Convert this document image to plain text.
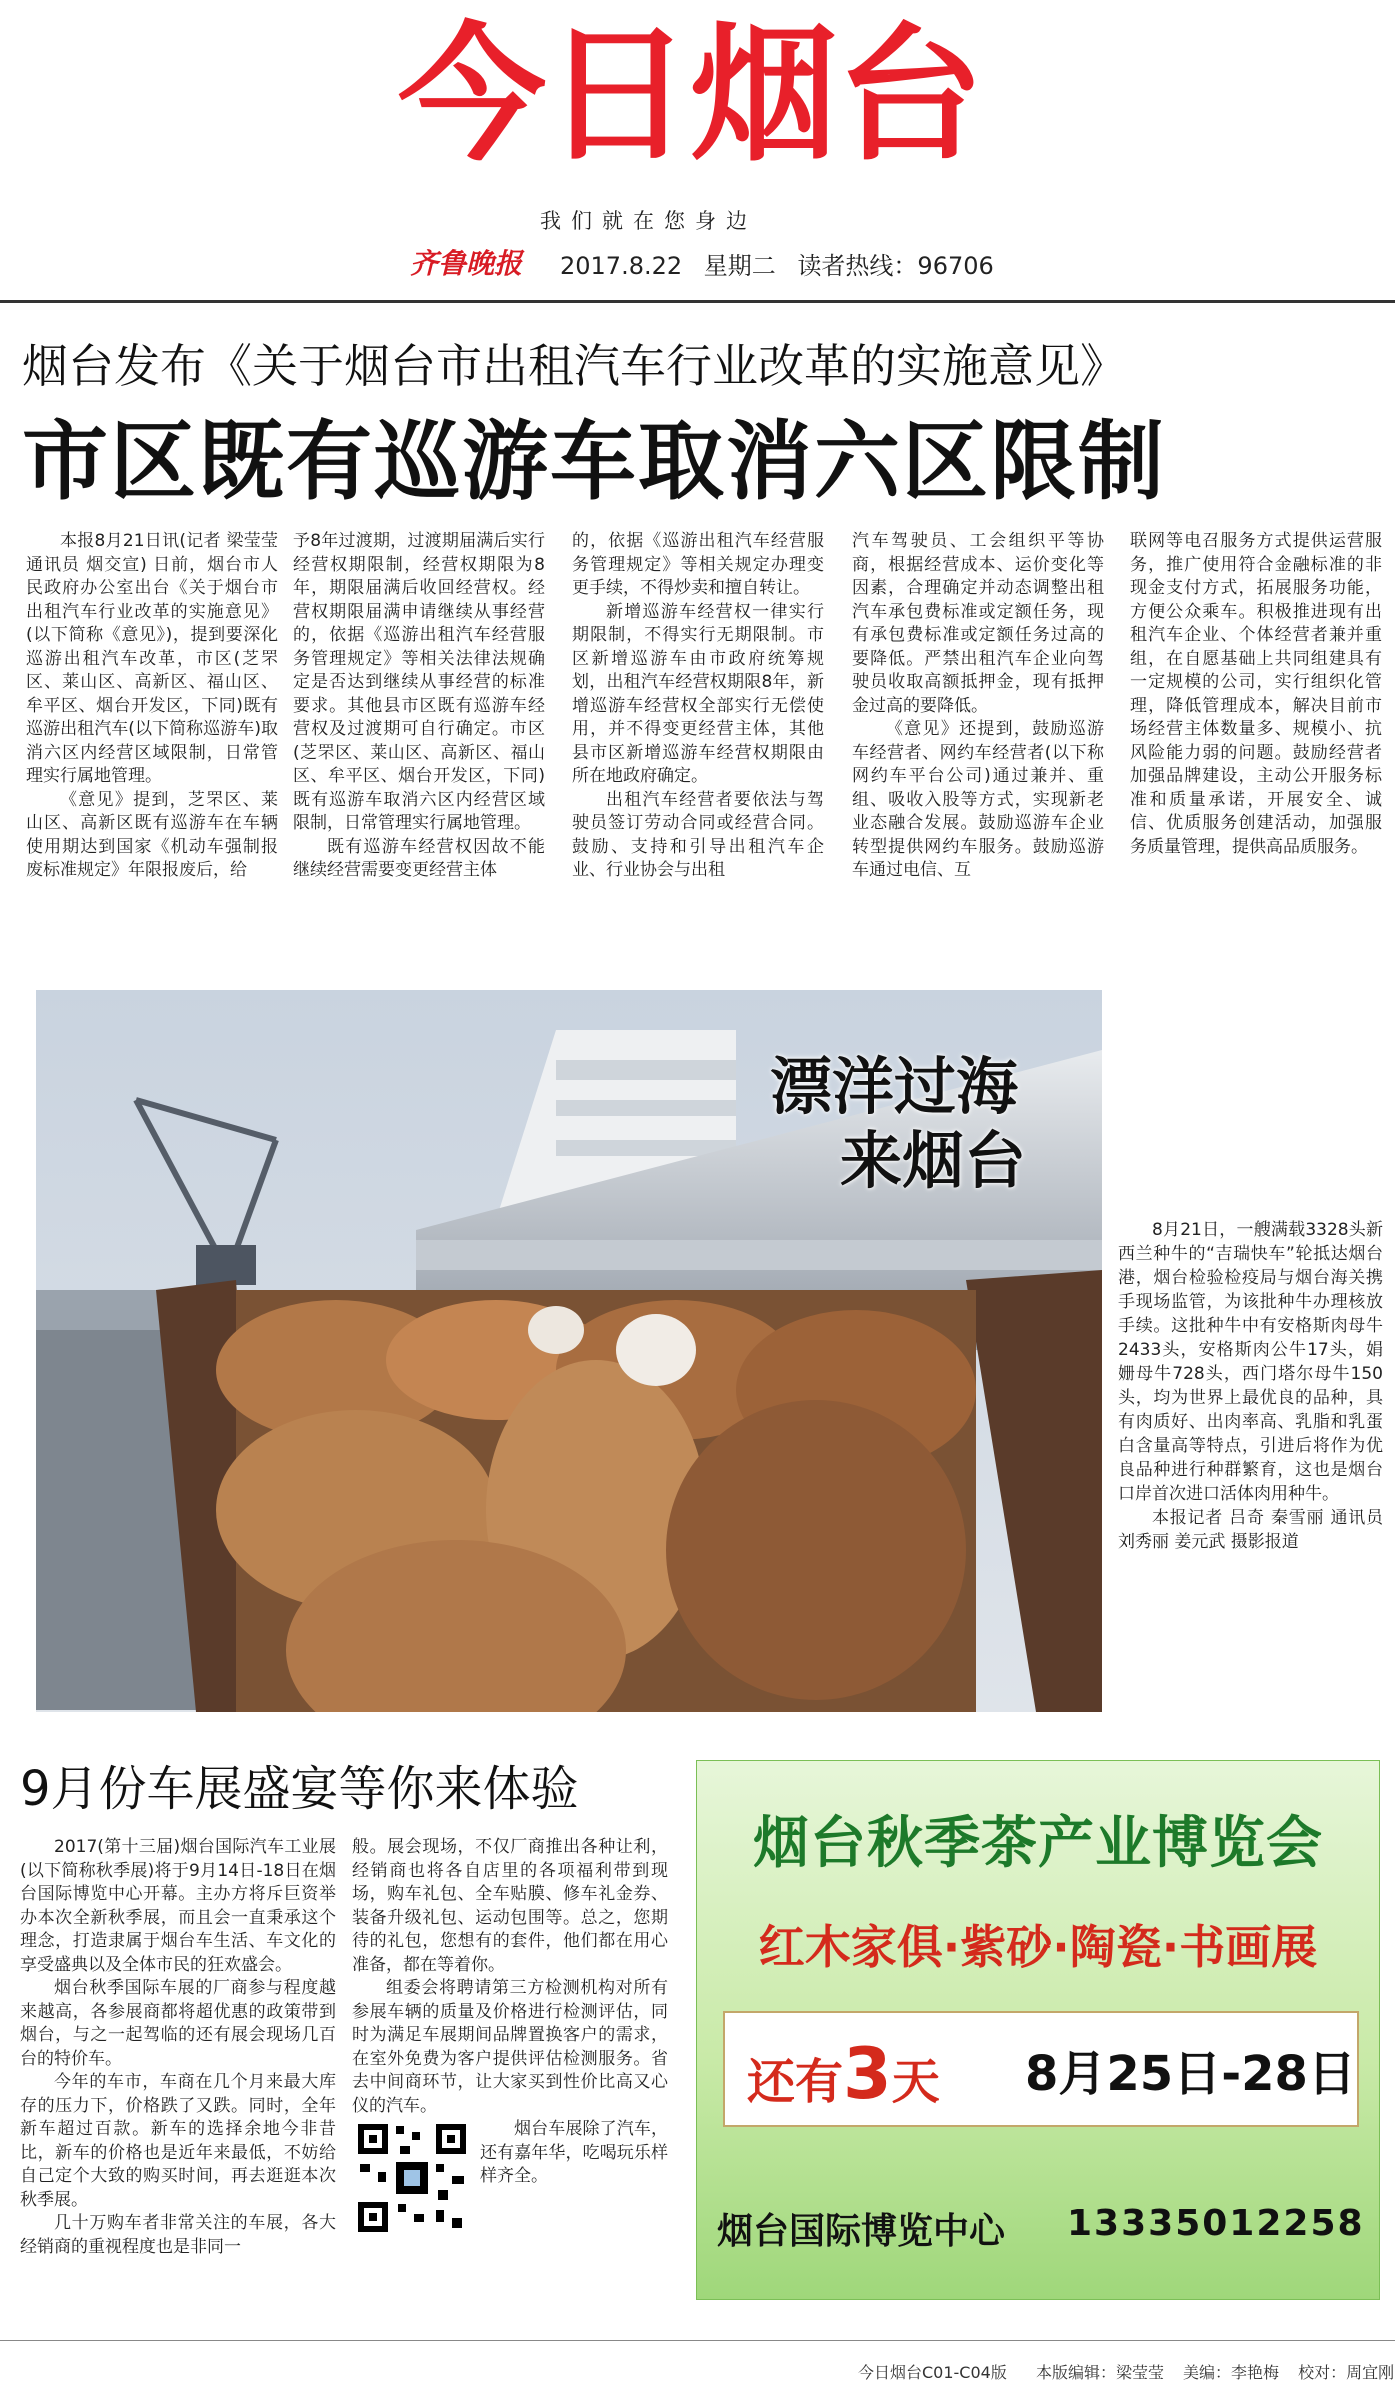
今日烟台
我们就在您身边
齐鲁晚报 2017.8.22 星期二 读者热线：96706
烟台发布《关于烟台市出租汽车行业改革的实施意见》
市区既有巡游车取消六区限制

本报8月21日讯(记者 梁莹莹 通讯员 烟交宣) 日前，烟台市人民政府办公室出台《关于烟台市出租汽车行业改革的实施意见》(以下简称《意见》)，提到要深化巡游出租汽车改革，市区(芝罘区、莱山区、高新区、福山区、牟平区、烟台开发区，下同)既有巡游出租汽车(以下简称巡游车)取消六区内经营区域限制，日常管理实行属地管理。

《意见》提到，芝罘区、莱山区、高新区既有巡游车在车辆使用期达到国家《机动车强制报废标准规定》年限报废后，给

予8年过渡期，过渡期届满后实行经营权期限制，经营权期限为8年，期限届满后收回经营权。经营权期限届满申请继续从事经营的，依据《巡游出租汽车经营服务管理规定》等相关法律法规确定是否达到继续从事经营的标准要求。其他县市区既有巡游车经营权及过渡期可自行确定。市区(芝罘区、莱山区、高新区、福山区、牟平区、烟台开发区，下同)既有巡游车取消六区内经营区域限制，日常管理实行属地管理。

既有巡游车经营权因故不能继续经营需要变更经营主体

的，依据《巡游出租汽车经营服务管理规定》等相关规定办理变更手续，不得炒卖和擅自转让。

新增巡游车经营权一律实行期限制，不得实行无期限制。市区新增巡游车由市政府统筹规划，出租汽车经营权期限8年，新增巡游车经营权全部实行无偿使用，并不得变更经营主体，其他县市区新增巡游车经营权期限由所在地政府确定。

出租汽车经营者要依法与驾驶员签订劳动合同或经营合同。鼓励、支持和引导出租汽车企业、行业协会与出租

汽车驾驶员、工会组织平等协商，根据经营成本、运价变化等因素，合理确定并动态调整出租汽车承包费标准或定额任务，现有承包费标准或定额任务过高的要降低。严禁出租汽车企业向驾驶员收取高额抵押金，现有抵押金过高的要降低。

《意见》还提到，鼓励巡游车经营者、网约车经营者(以下称网约车平台公司)通过兼并、重组、吸收入股等方式，实现新老业态融合发展。鼓励巡游车企业转型提供网约车服务。鼓励巡游车通过电信、互

联网等电召服务方式提供运营服务，推广使用符合金融标准的非现金支付方式，拓展服务功能，方便公众乘车。积极推进现有出租汽车企业、个体经营者兼并重组，在自愿基础上共同组建具有一定规模的公司，实行组织化管理，降低管理成本，解决目前市场经营主体数量多、规模小、抗风险能力弱的问题。鼓励经营者加强品牌建设，主动公开服务标准和质量承诺，开展安全、诚信、优质服务创建活动，加强服务质量管理，提供高品质服务。

漂洋过海
来烟台
8月21日，一艘满载3328头新西兰种牛的“吉瑞快车”轮抵达烟台港，烟台检验检疫局与烟台海关携手现场监管，为该批种牛办理核放手续。这批种牛中有安格斯肉母牛2433头，安格斯肉公牛17头，娟姗母牛728头，西门塔尔母牛150头，均为世界上最优良的品种，具有肉质好、出肉率高、乳脂和乳蛋白含量高等特点，引进后将作为优良品种进行种群繁育，这也是烟台口岸首次进口活体肉用种牛。
本报记者 吕奇 秦雪丽 通讯员 刘秀丽 姜元武 摄影报道
9月份车展盛宴等你来体验

2017(第十三届)烟台国际汽车工业展(以下简称秋季展)将于9月14日-18日在烟台国际博览中心开幕。主办方将斥巨资举办本次全新秋季展，而且会一直秉承这个理念，打造隶属于烟台车生活、车文化的享受盛典以及全体市民的狂欢盛会。

烟台秋季国际车展的厂商参与程度越来越高，各参展商都将超优惠的政策带到烟台，与之一起驾临的还有展会现场几百台的特价车。

今年的车市，车商在几个月来最大库存的压力下，价格跌了又跌。同时，全年新车超过百款。新车的选择余地今非昔比，新车的价格也是近年来最低，不妨给自己定个大致的购买时间，再去逛逛本次秋季展。

几十万购车者非常关注的车展，各大经销商的重视程度也是非同一

般。展会现场，不仅厂商推出各种让利，经销商也将各自店里的各项福利带到现场，购车礼包、全车贴膜、修车礼金券、装备升级礼包、运动包围等。总之，您期待的礼包，您想有的套件，他们都在用心准备，都在等着你。

组委会将聘请第三方检测机构对所有参展车辆的质量及价格进行检测评估，同时为满足车展期间品牌置换客户的需求，在室外免费为客户提供评估检测服务。省去中间商环节，让大家买到性价比高又心仪的汽车。

烟台车展除了汽车，还有嘉年华，吃喝玩乐样样齐全。

烟台秋季茶产业博览会
红木家俱·紫砂·陶瓷·书画展
还有3天 8月25日-28日
烟台国际博览中心 13335012258
今日烟台C01-C04版 本版编辑：梁莹莹 美编：李艳梅 校对：周宜刚
